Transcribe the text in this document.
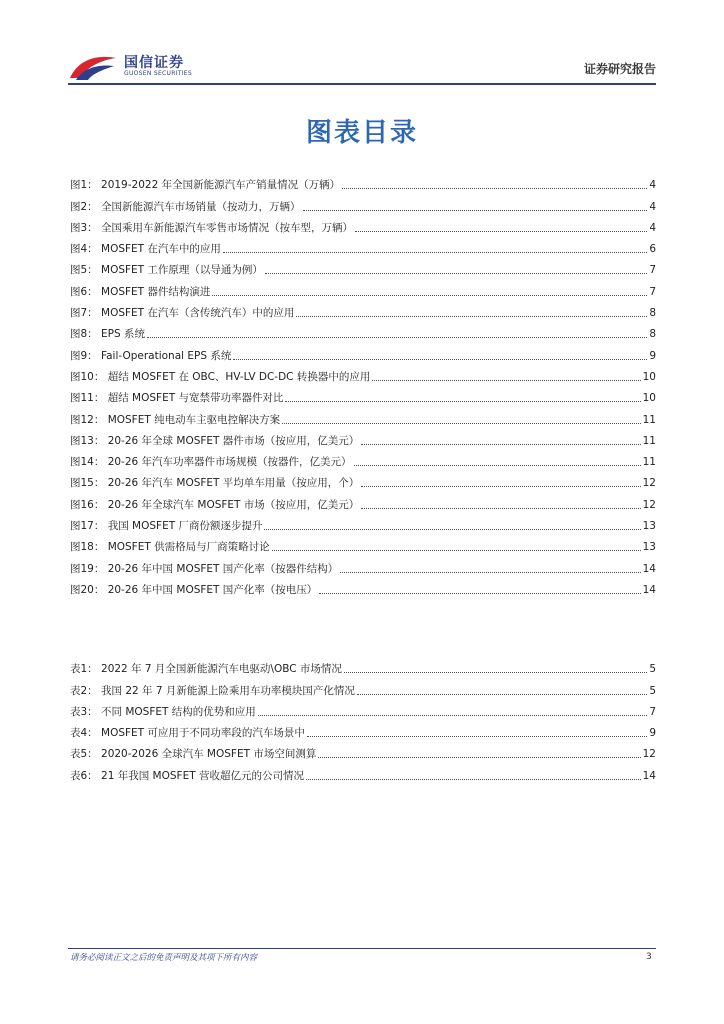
国信证券
GUOSEN SECURITIES	证券研究报告
图表目录
图1： 2019-2022 年全国新能源汽车产销量情况（万辆）	4
图2： 全国新能源汽车市场销量（按动力，万辆）	4
图3： 全国乘用车新能源汽车零售市场情况（按车型，万辆）	4
图4： MOSFET 在汽车中的应用	6
图5： MOSFET 工作原理（以导通为例）	7
图6： MOSFET 器件结构演进	7
图7： MOSFET 在汽车（含传统汽车）中的应用	8
图8： EPS 系统	8
图9： Fail-Operational EPS 系统	9
图10： 超结 MOSFET 在 OBC、HV-LV DC-DC 转换器中的应用	10
图11： 超结 MOSFET 与宽禁带功率器件对比	10
图12： MOSFET 纯电动车主驱电控解决方案	11
图13： 20-26 年全球 MOSFET 器件市场（按应用，亿美元）	11
图14： 20-26 年汽车功率器件市场规模（按器件，亿美元）	11
图15： 20-26 年汽车 MOSFET 平均单车用量（按应用，个）	12
图16： 20-26 年全球汽车 MOSFET 市场（按应用，亿美元）	12
图17： 我国 MOSFET 厂商份额逐步提升	13
图18： MOSFET 供需格局与厂商策略讨论	13
图19： 20-26 年中国 MOSFET 国产化率（按器件结构）	14
图20： 20-26 年中国 MOSFET 国产化率（按电压）	14
表1： 2022 年 7 月全国新能源汽车电驱动\OBC 市场情况	5
表2： 我国 22 年 7 月新能源上险乘用车功率模块国产化情况	5
表3： 不同 MOSFET 结构的优势和应用	7
表4： MOSFET 可应用于不同功率段的汽车场景中	9
表5： 2020-2026 全球汽车 MOSFET 市场空间测算	12
表6： 21 年我国 MOSFET 营收超亿元的公司情况	14
请务必阅读正文之后的免责声明及其项下所有内容	3
